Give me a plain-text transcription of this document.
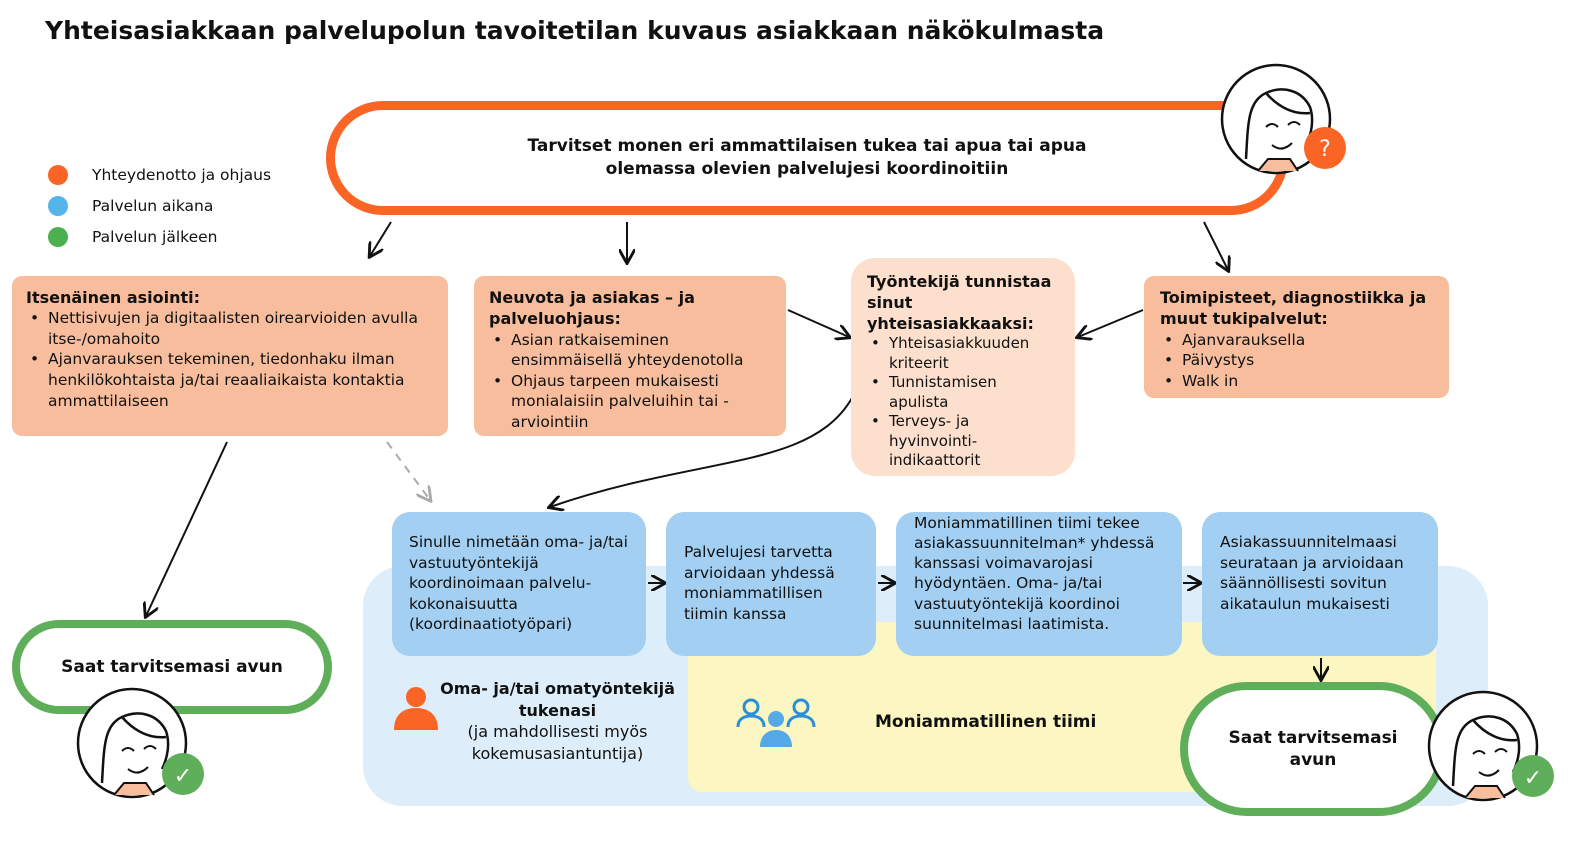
Yhteisasiakkaan palvelupolun tavoitetilan kuvaus asiakkaan näkökulmasta
Yhteydenotto ja ohjaus
Palvelun aikana
Palvelun jälkeen
Tarvitset monen eri ammattilaisen tukea tai apua tai apua
olemassa olevien palvelujesi koordinoitiin
Itsenäinen asiointi:
• Nettisivujen ja digitaalisten oirearvioiden avulla itse-/omahoito
• Ajanvarauksen tekeminen, tiedonhaku ilman henkilökohtaista ja/tai reaaliaikaista kontaktia ammattilaiseen
Neuvota ja asiakas – ja palveluohjaus:
• Asian ratkaiseminen ensimmäisellä yhteydenotolla
• Ohjaus tarpeen mukaisesti monialaisiin palveluihin tai -arviointiin
Työntekijä tunnistaa sinut yhteisasiakkaaksi:
• Yhteisasiakkuuden kriteerit
• Tunnistamisen apulista
• Terveys- ja hyvinvointi-indikaattorit
Toimipisteet, diagnostiikka ja muut tukipalvelut:
• Ajanvarauksella
• Päivystys
• Walk in
Sinulle nimetään oma- ja/tai vastuutyöntekijä koordinoimaan palvelu-kokonaisuutta (koordinaatiotyöpari)
Palvelujesi tarvetta arvioidaan yhdessä moniammatillisen tiimin kanssa
Moniammatillinen tiimi tekee asiakassuunnitelman* yhdessä kanssasi voimavarojasi hyödyntäen. Oma- ja/tai vastuutyöntekijä koordinoi suunnitelmasi laatimista.
Asiakassuunnitelmaasi seurataan ja arvioidaan säännöllisesti sovitun aikataulun mukaisesti
Oma- ja/tai omatyöntekijä tukenasi
(ja mahdollisesti myös kokemusasiantuntija)
Moniammatillinen tiimi
Saat tarvitsemasi avun
Saat tarvitsemasi avun
?
✓	✓
